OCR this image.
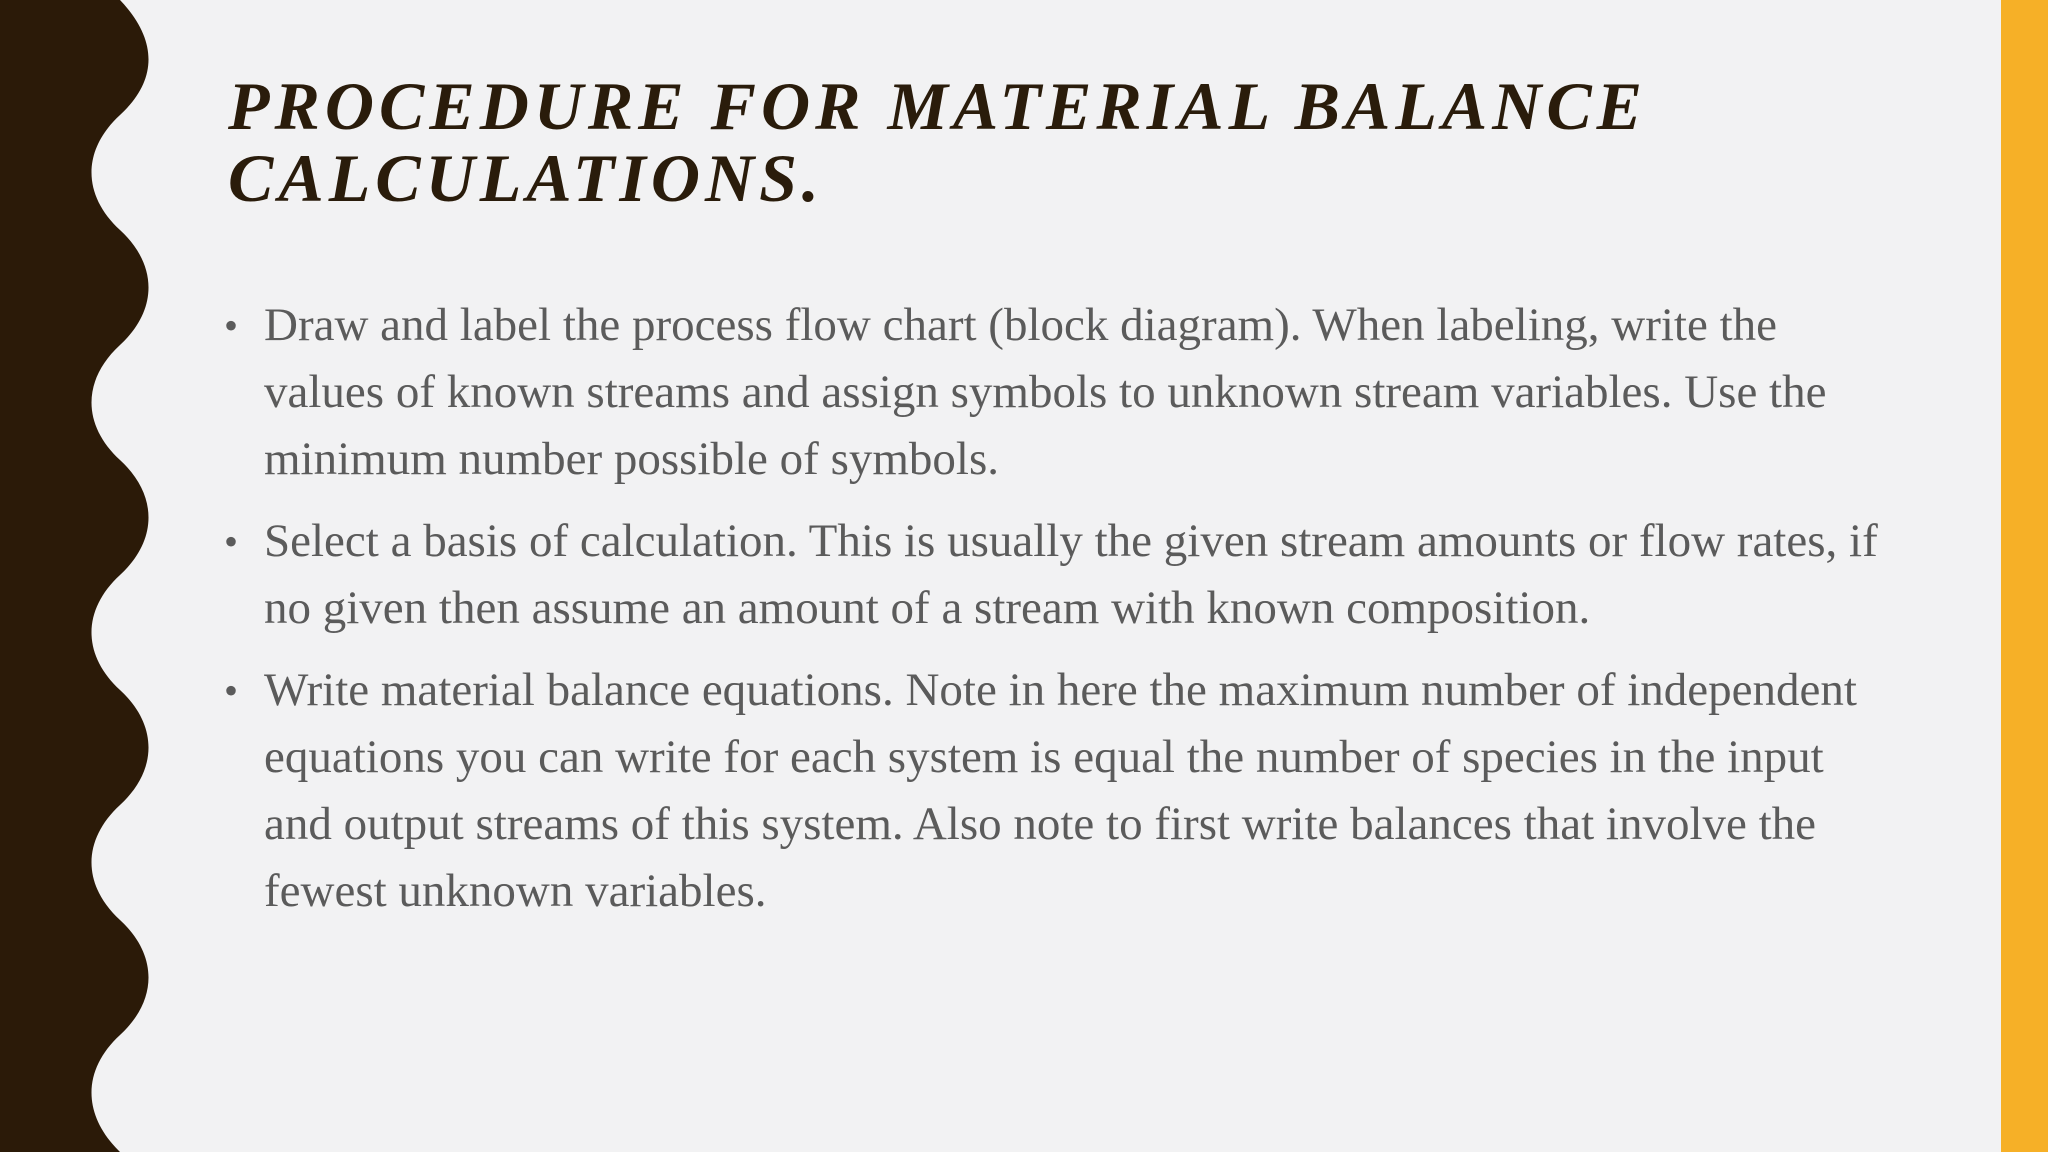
PROCEDURE FOR MATERIAL BALANCE CALCULATIONS.
• Draw and label the process flow chart (block diagram). When labeling, write the values of known streams and assign symbols to unknown stream variables. Use the minimum number possible of symbols.
• Select a basis of calculation. This is usually the given stream amounts or flow rates, if no given then assume an amount of a stream with known composition.
• Write material balance equations. Note in here the maximum number of independent equations you can write for each system is equal the number of species in the input and output streams of this system. Also note to first write balances that involve the fewest unknown variables.
